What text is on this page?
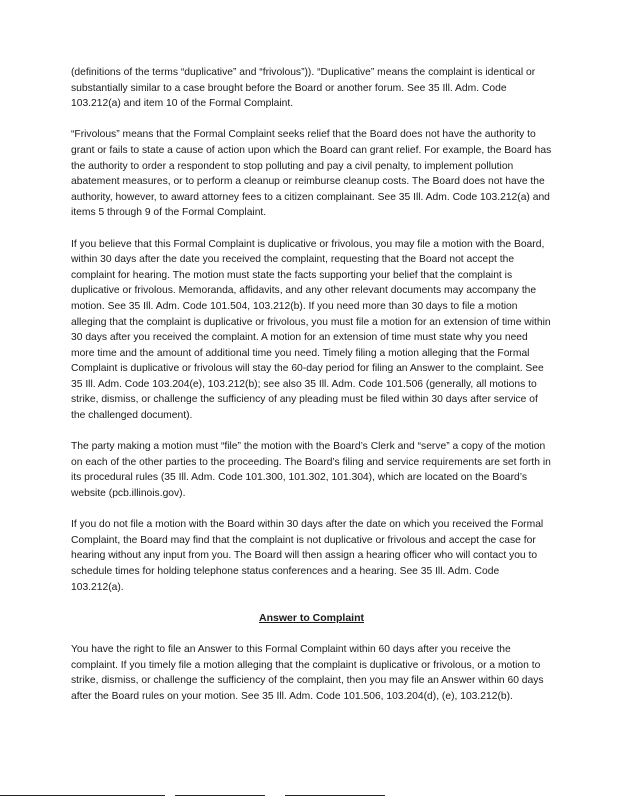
(definitions of the terms “duplicative” and “frivolous”)). “Duplicative” means the complaint is identical or substantially similar to a case brought before the Board or another forum. See 35 Ill. Adm. Code 103.212(a) and item 10 of the Formal Complaint.

“Frivolous” means that the Formal Complaint seeks relief that the Board does not have the authority to grant or fails to state a cause of action upon which the Board can grant relief. For example, the Board has the authority to order a respondent to stop polluting and pay a civil penalty, to implement pollution abatement measures, or to perform a cleanup or reimburse cleanup costs. The Board does not have the authority, however, to award attorney fees to a citizen complainant. See 35 Ill. Adm. Code 103.212(a) and items 5 through 9 of the Formal Complaint.

If you believe that this Formal Complaint is duplicative or frivolous, you may file a motion with the Board, within 30 days after the date you received the complaint, requesting that the Board not accept the complaint for hearing. The motion must state the facts supporting your belief that the complaint is duplicative or frivolous. Memoranda, affidavits, and any other relevant documents may accompany the motion. See 35 Ill. Adm. Code 101.504, 103.212(b). If you need more than 30 days to file a motion alleging that the complaint is duplicative or frivolous, you must file a motion for an extension of time within 30 days after you received the complaint. A motion for an extension of time must state why you need more time and the amount of additional time you need. Timely filing a motion alleging that the Formal Complaint is duplicative or frivolous will stay the 60-day period for filing an Answer to the complaint. See 35 Ill. Adm. Code 103.204(e), 103.212(b); see also 35 Ill. Adm. Code 101.506 (generally, all motions to strike, dismiss, or challenge the sufficiency of any pleading must be filed within 30 days after service of the challenged document).

The party making a motion must “file” the motion with the Board’s Clerk and “serve” a copy of the motion on each of the other parties to the proceeding. The Board’s filing and service requirements are set forth in its procedural rules (35 Ill. Adm. Code 101.300, 101.302, 101.304), which are located on the Board’s website (pcb.illinois.gov).

If you do not file a motion with the Board within 30 days after the date on which you received the Formal Complaint, the Board may find that the complaint is not duplicative or frivolous and accept the case for hearing without any input from you. The Board will then assign a hearing officer who will contact you to schedule times for holding telephone status conferences and a hearing. See 35 Ill. Adm. Code 103.212(a).

Answer to Complaint

You have the right to file an Answer to this Formal Complaint within 60 days after you receive the complaint. If you timely file a motion alleging that the complaint is duplicative or frivolous, or a motion to strike, dismiss, or challenge the sufficiency of the complaint, then you may file an Answer within 60 days after the Board rules on your motion. See 35 Ill. Adm. Code 101.506, 103.204(d), (e), 103.212(b).
